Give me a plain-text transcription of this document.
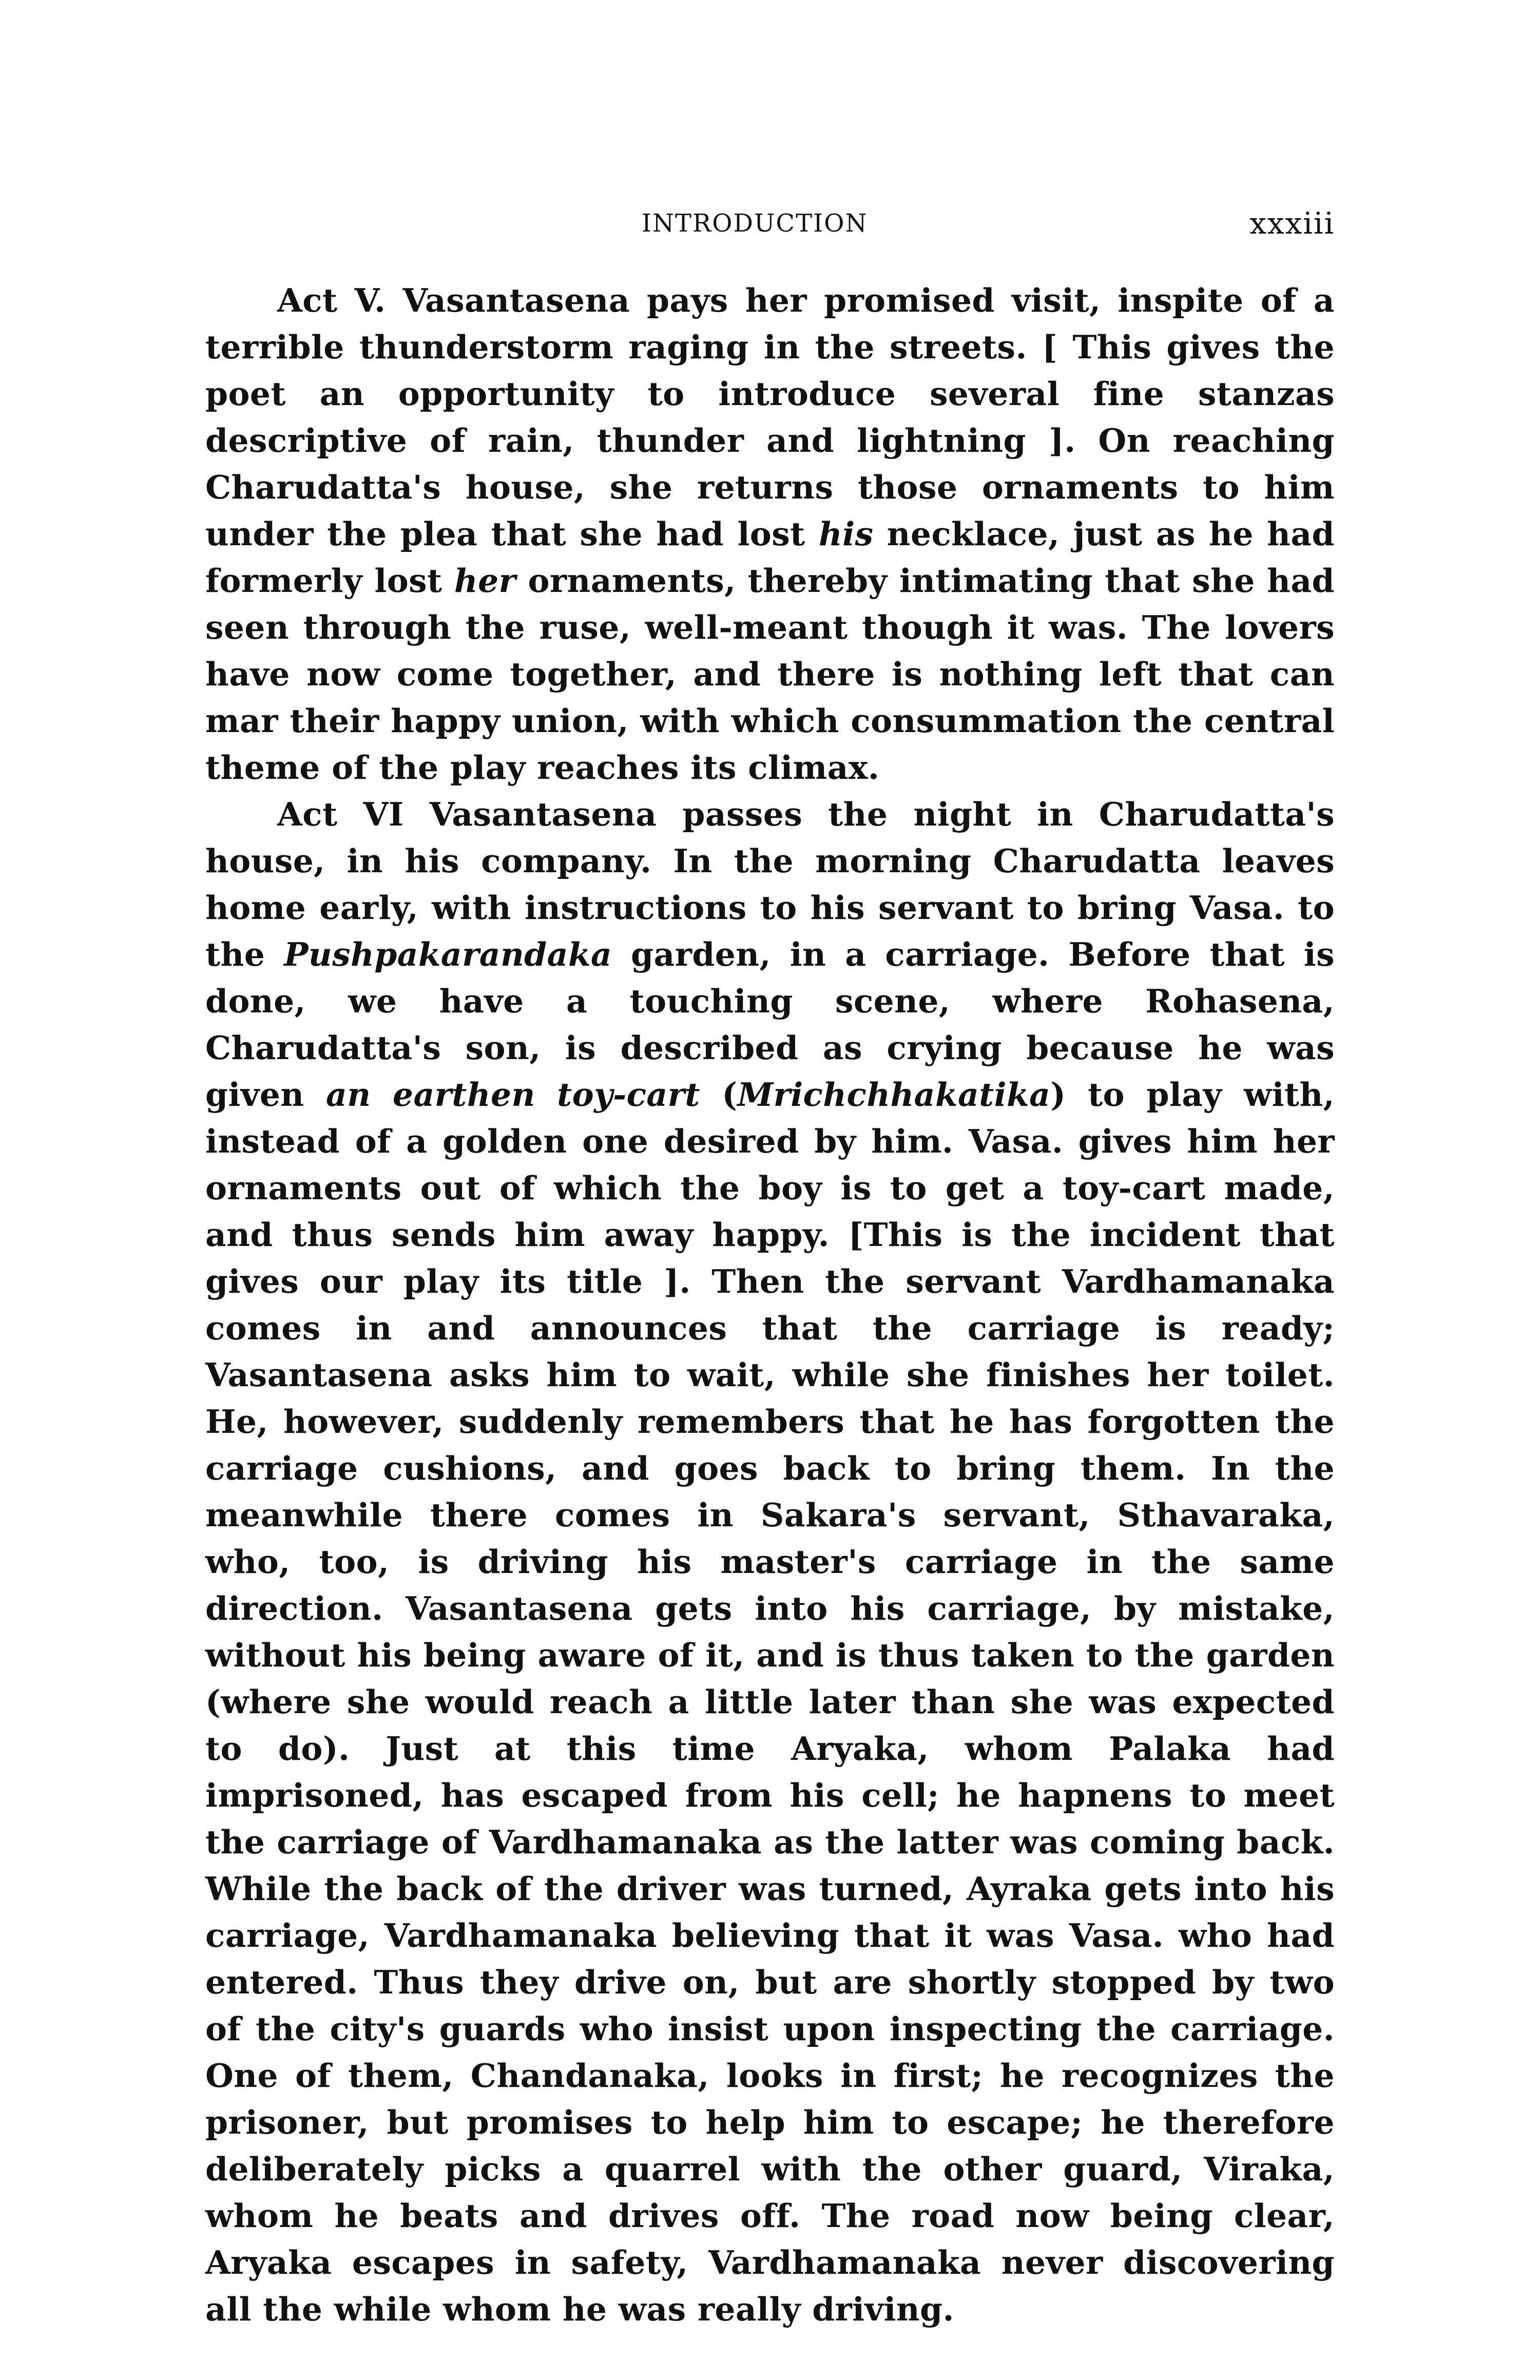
INTRODUCTION	xxxiii

Act V. Vasantasena pays her promised visit, inspite of a terrible thunderstorm raging in the streets. [ This gives the poet an opportunity to introduce several fine stanzas descriptive of rain, thunder and lightning ]. On reaching Charudatta's house, she returns those ornaments to him under the plea that she had lost his necklace, just as he had formerly lost her ornaments, thereby intimating that she had seen through the ruse, well-meant though it was. The lovers have now come together, and there is nothing left that can mar their happy union, with which consummation the central theme of the play reaches its climax.

Act VI Vasantasena passes the night in Charudatta's house, in his company. In the morning Charudatta leaves home early, with instructions to his servant to bring Vasa. to the Pushpakarandaka garden, in a carriage. Before that is done, we have a touching scene, where Rohasena, Charudatta's son, is described as crying because he was given an earthen toy-cart (Mrichchhakatika) to play with, instead of a golden one desired by him. Vasa. gives him her ornaments out of which the boy is to get a toy-cart made, and thus sends him away happy. [This is the incident that gives our play its title ]. Then the servant Vardhamanaka comes in and announces that the carriage is ready; Vasantasena asks him to wait, while she finishes her toilet. He, however, suddenly remembers that he has forgotten the carriage cushions, and goes back to bring them. In the meanwhile there comes in Sakara's servant, Sthavaraka, who, too, is driving his master's carriage in the same direction. Vasantasena gets into his carriage, by mistake, without his being aware of it, and is thus taken to the garden (where she would reach a little later than she was expected to do). Just at this time Aryaka, whom Palaka had imprisoned, has escaped from his cell; he hapnens to meet the carriage of Vardhamanaka as the latter was coming back. While the back of the driver was turned, Ayraka gets into his carriage, Vardhamanaka believing that it was Vasa. who had entered. Thus they drive on, but are shortly stopped by two of the city's guards who insist upon inspecting the carriage. One of them, Chandanaka, looks in first; he recognizes the prisoner, but promises to help him to escape; he therefore deliberately picks a quarrel with the other guard, Viraka, whom he beats and drives off. The road now being clear, Aryaka escapes in safety, Vardhamanaka never discovering all the while whom he was really driving.
